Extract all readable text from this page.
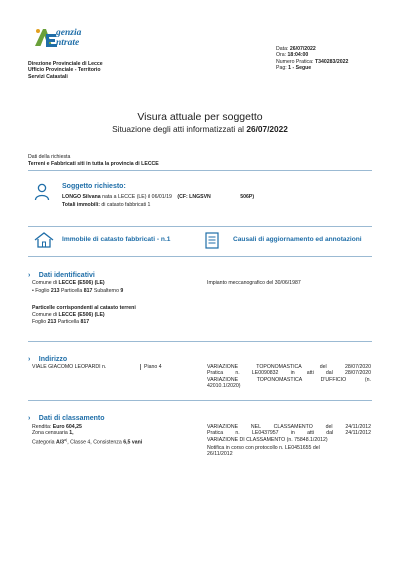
genzia
ntrate
Direzione Provinciale di Lecce
Ufficio Provinciale - Territorio
Servizi Catastali
Data: 26/07/2022
Ora: 18:04:00
Numero Pratica: T340283/2022
Pag: 1 - Segue
Visura attuale per soggetto
Situazione degli atti informatizzati al 26/07/2022
Dati della richiesta
Terreni e Fabbricati siti in tutta la provincia di LECCE
Soggetto richiesto:
LONGO Silvana nata a LECCE (LE) il 06/01/19 (CF: LNGSVN	506P)
Totali immobili: di catasto fabbricati 1
Immobile di catasto fabbricati - n.1	Causali di aggiornamento ed annotazioni
› Dati identificativi
Comune di LECCE (E506) (LE)
• Foglio 213 Particella 817 Subalterno 9
Impianto meccanografico del 30/06/1987
Particelle corrispondenti al catasto terreni
Comune di LECCE (E506) (LE)
Foglio 213 Particella 817
› Indirizzo
VIALE GIACOMO LEOPARDI n.	Piano 4	VARIAZIONE TOPONOMASTICA del 28/07/2020
Pratica n. LE0090832 in atti dal 28/07/2020
VARIAZIONE TOPONOMASTICA D'UFFICIO (n.
42010.1/2020)
› Dati di classamento
Rendita: Euro 604,25
Zona censuaria 1,
Categoria A/3$^{a)}$, Classe 4, Consistenza 6,5 vani
VARIAZIONE NEL CLASSAMENTO del 24/11/2012
Pratica n. LE0437957 in atti dal 24/11/2012
VARIAZIONE DI CLASSAMENTO (n. 75848.1/2012)
Notifica in corso con protocollo n. LE0451655 del
26/11/2012
